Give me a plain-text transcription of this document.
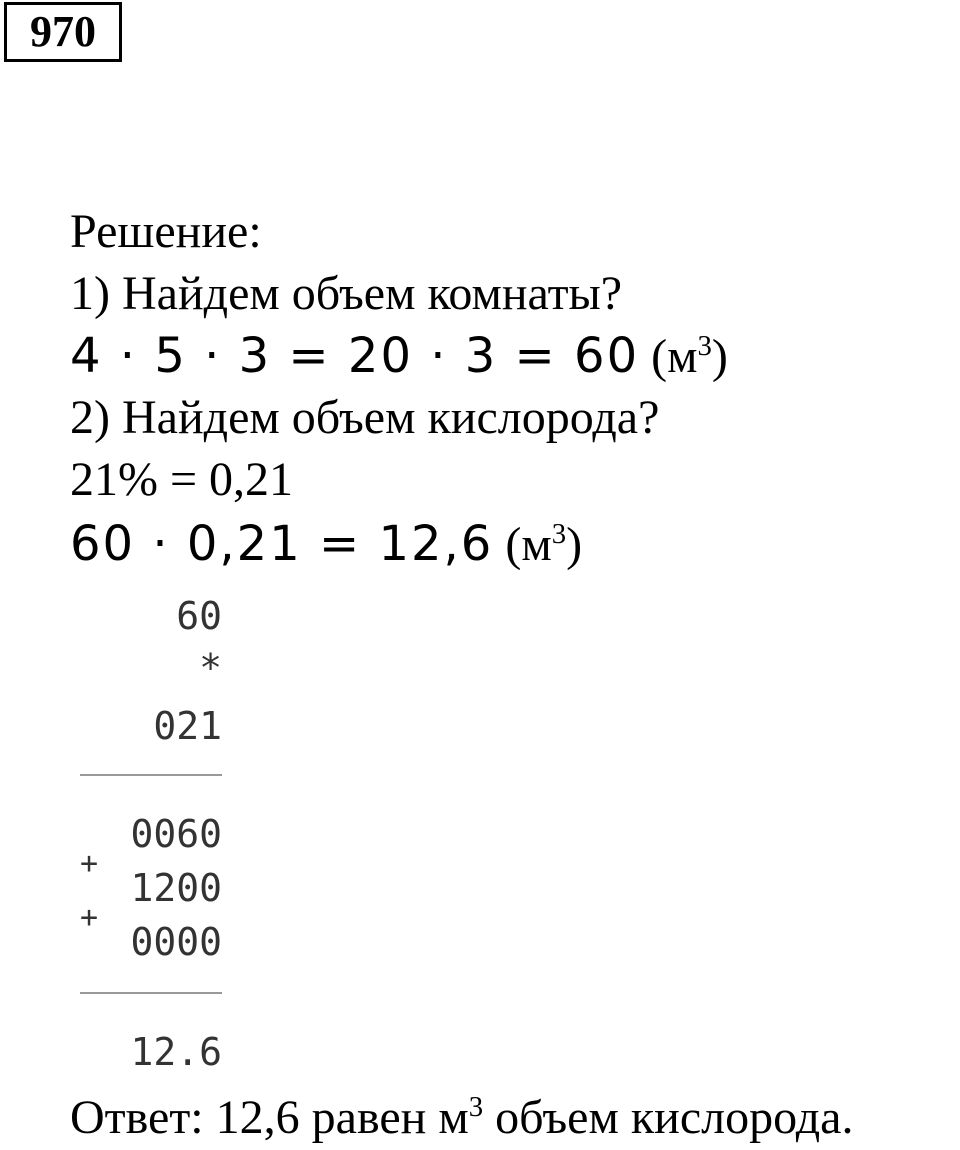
970
Решение:
1) Найдем объем комнаты?
4 · 5 · 3 = 20 · 3 = 60 $(м^3)$
2) Найдем объем кислорода?
21% = 0,21
60 · 0,21 = 12,6 $(м^3)$
60
*
021
0060
+
1200
+
0000
12.6
Ответ: 12,6 равен $м^3$ объем кислорода.
